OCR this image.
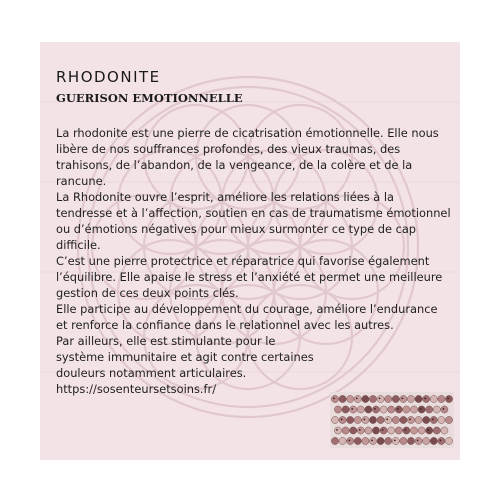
RHODONITE
GUERISON EMOTIONNELLE

La rhodonite est une pierre de cicatrisation émotionnelle. Elle nous libère de nos souffrances profondes, des vieux traumas, des trahisons, de l’abandon, de la vengeance, de la colère et de la rancune.

La Rhodonite ouvre l’esprit, améliore les relations liées à la tendresse et à l’affection, soutien en cas de traumatisme émotionnel ou d’émotions négatives pour mieux surmonter ce type de cap difficile.

C’est une pierre protectrice et réparatrice qui favorise également l’équilibre. Elle apaise le stress et l’anxiété et permet une meilleure gestion de ces deux points clés.

Elle participe au développement du courage, améliore l’endurance et renforce la confiance dans le relationnel avec les autres.

Par ailleurs, elle est stimulante pour le système immunitaire et agit contre certaines douleurs notamment articulaires.

https://sosenteursetsoins.fr/
